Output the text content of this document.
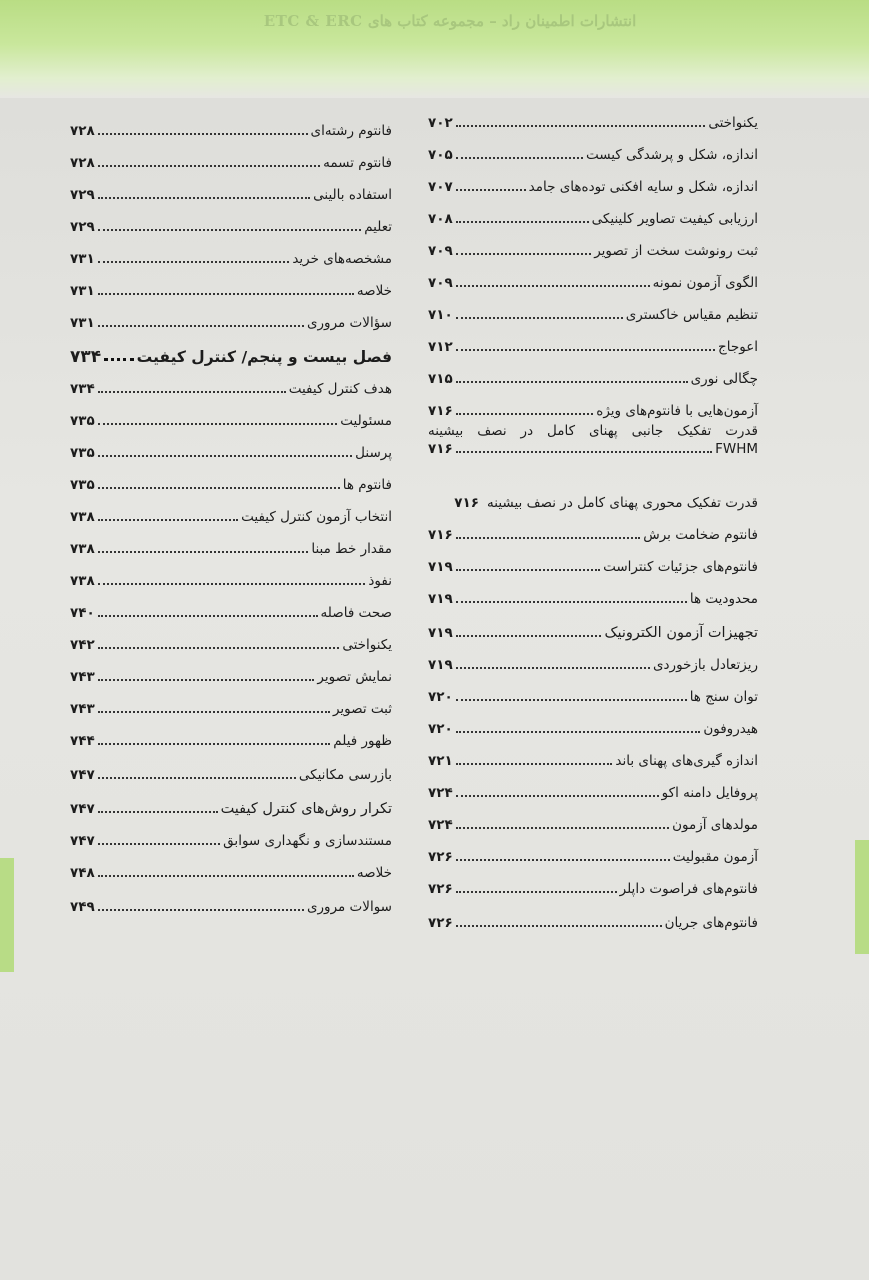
انتشارات اطمینان راد – مجموعه کتاب های ETC & ERC
یکنواختی
۷۰۲
اندازه، شکل و پرشدگی کیست
۷۰۵
اندازه، شکل و سایه افکنی توده‌های جامد
۷۰۷
ارزیابی کیفیت تصاویر کلینیکی
۷۰۸
ثبت رونوشت سخت از تصویر
۷۰۹
الگوی آزمون نمونه
۷۰۹
تنظیم مقیاس خاکستری
۷۱۰
اعوجاج
۷۱۲
چگالی نوری
۷۱۵
آزمون‌هایی با فانتوم‌های ویژه
۷۱۶
قدرت تفکیک جانبی پهنای کامل در نصف بیشینه
FWHM
۷۱۶
قدرت تفکیک محوری پهنای کامل در نصف بیشینه
۷۱۶
فانتوم ضخامت برش
۷۱۶
فانتوم‌های جزئیات کنتراست
۷۱۹
محدودیت ها
۷۱۹
تجهیزات آزمون الکترونیک
۷۱۹
ریزتعادل بازخوردی
۷۱۹
توان سنج ها
۷۲۰
هیدروفون
۷۲۰
اندازه گیری‌های پهنای باند
۷۲۱
پروفایل دامنه اکو
۷۲۴
مولدهای آزمون
۷۲۴
آزمون مقبولیت
۷۲۶
فانتوم‌های فراصوت داپلر
۷۲۶
فانتوم‌های جریان
۷۲۶
فانتوم رشته‌ای
۷۲۸
فانتوم تسمه
۷۲۸
استفاده بالینی
۷۲۹
تعلیم
۷۲۹
مشخصه‌های خرید
۷۳۱
خلاصه
۷۳۱
سؤالات مروری
۷۳۱
فصل بیست و پنجم/ کنترل کیفیت
۷۳۴
هدف کنترل کیفیت
۷۳۴
مسئولیت
۷۳۵
پرسنل
۷۳۵
فانتوم ها
۷۳۵
انتخاب آزمون کنترل کیفیت
۷۳۸
مقدار خط مبنا
۷۳۸
نفوذ
۷۳۸
صحت فاصله
۷۴۰
یکنواختی
۷۴۲
نمایش تصویر
۷۴۳
ثبت تصویر
۷۴۳
ظهور فیلم
۷۴۴
بازرسی مکانیکی
۷۴۷
تکرار روش‌های کنترل کیفیت
۷۴۷
مستندسازی و نگهداری سوابق
۷۴۷
خلاصه
۷۴۸
سوالات مروری
۷۴۹
